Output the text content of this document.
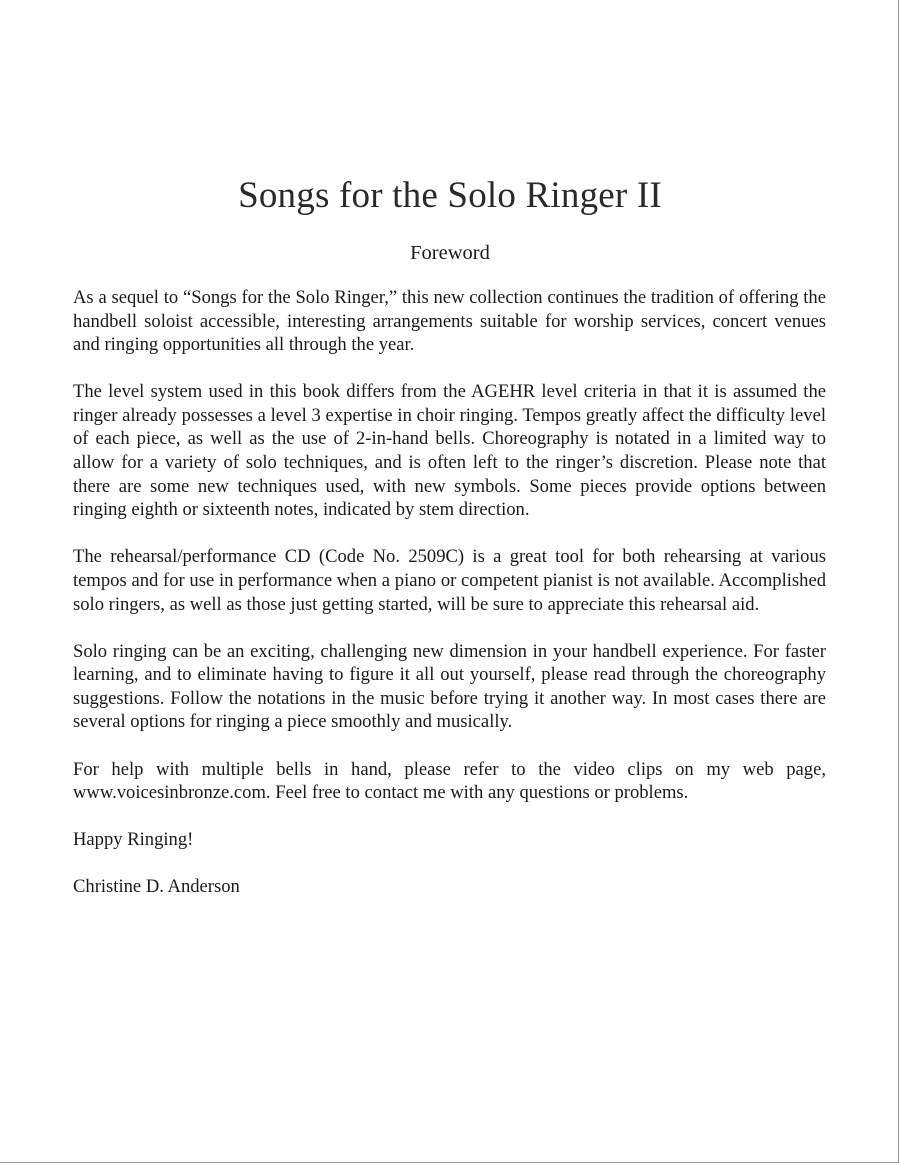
Songs for the Solo Ringer II
Foreword

As a sequel to “Songs for the Solo Ringer,” this new collection continues the tradition of offering the handbell soloist accessible, interesting arrangements suitable for worship services, concert venues and ringing opportunities all through the year.

The level system used in this book differs from the AGEHR level criteria in that it is assumed the ringer already possesses a level 3 expertise in choir ringing. Tempos greatly affect the difficulty level of each piece, as well as the use of 2-in-hand bells. Choreography is notated in a limited way to allow for a variety of solo techniques, and is often left to the ringer’s discretion. Please note that there are some new techniques used, with new symbols. Some pieces provide options between ringing eighth or sixteenth notes, indicated by stem direction.

The rehearsal/performance CD (Code No. 2509C) is a great tool for both rehearsing at various tempos and for use in performance when a piano or competent pianist is not available. Accomplished solo ringers, as well as those just getting started, will be sure to appreciate this rehearsal aid.

Solo ringing can be an exciting, challenging new dimension in your handbell experience. For faster learning, and to eliminate having to figure it all out yourself, please read through the choreography suggestions. Follow the notations in the music before trying it another way. In most cases there are several options for ringing a piece smoothly and musically.

For help with multiple bells in hand, please refer to the video clips on my web page, www.voicesinbronze.com. Feel free to contact me with any questions or problems.

Happy Ringing!

Christine D. Anderson
